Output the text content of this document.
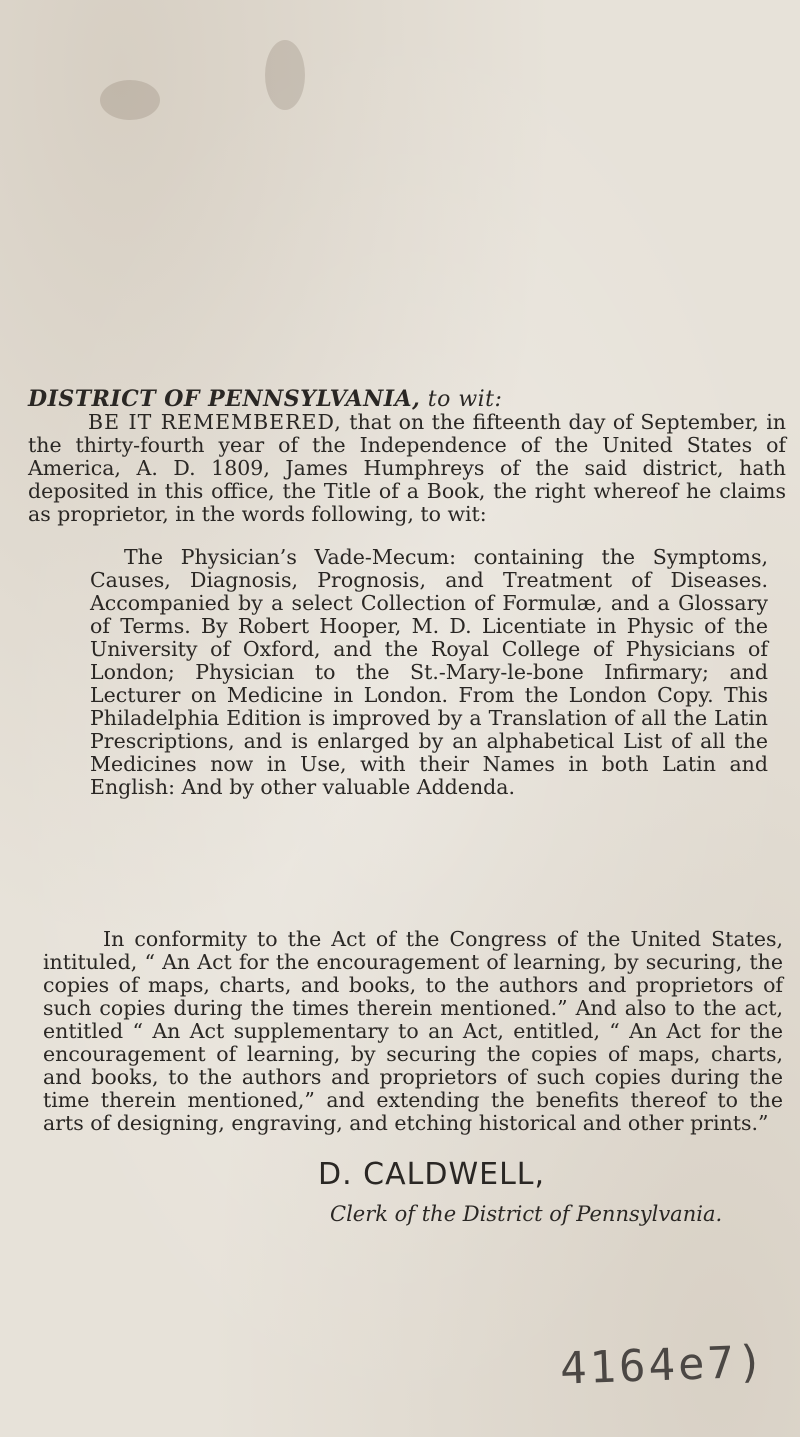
DISTRICT OF PENNSYLVANIA, to wit:
BE IT REMEMBERED, that on the fifteenth day of September, in the thirty-fourth year of the Independence of the United States of America, A. D. 1809, James Humphreys of the said district, hath deposited in this office, the Title of a Book, the right whereof he claims as proprietor, in the words following, to wit:
The Physician’s Vade-Mecum: containing the Symptoms, Causes, Diagnosis, Prognosis, and Treatment of Diseases. Accompanied by a select Collection of Formulæ, and a Glossary of Terms. By Robert Hooper, M. D. Licentiate in Physic of the University of Oxford, and the Royal College of Physicians of London; Physician to the St.-Mary-le-bone Infirmary; and Lecturer on Medicine in London. From the London Copy. This Philadelphia Edition is improved by a Translation of all the Latin Prescriptions, and is enlarged by an alphabetical List of all the Medicines now in Use, with their Names in both Latin and English: And by other valuable Addenda.
In conformity to the Act of the Congress of the United States, intituled, “ An Act for the encouragement of learning, by securing, the copies of maps, charts, and books, to the authors and proprietors of such copies during the times therein mentioned.” And also to the act, entitled “ An Act supplementary to an Act, entitled, “ An Act for the encouragement of learning, by securing the copies of maps, charts, and books, to the authors and proprietors of such copies during the time therein mentioned,” and extending the benefits thereof to the arts of designing, engraving, and etching historical and other prints.”
D. CALDWELL,
Clerk of the District of Pennsylvania.
4164e7)
